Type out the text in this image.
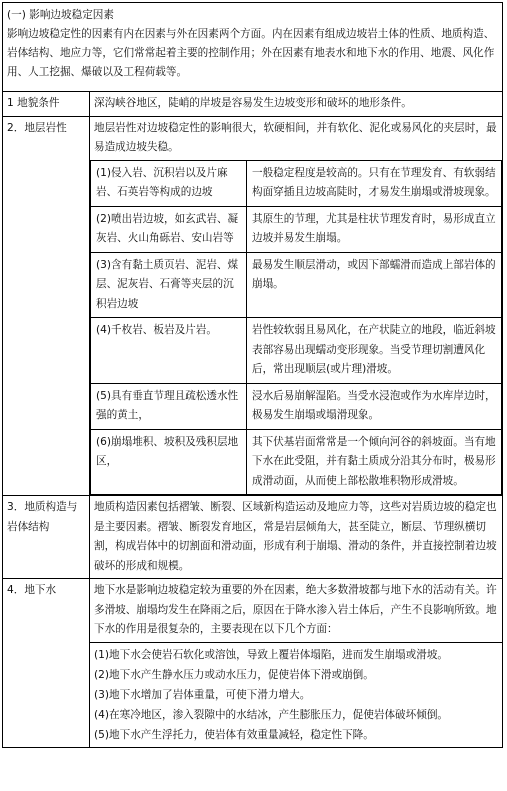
(一) 影响边坡稳定因素
影响边坡稳定性的因素有内在因素与外在因素两个方面。内在因素有组成边坡岩土体的性质、地质构造、岩体结构、地应力等，它们常常起着主要的控制作用；外在因素有地表水和地下水的作用、地震、风化作用、人工挖掘、爆破以及工程荷载等。
1 地貌条件	深沟峡谷地区，陡峭的岸坡是容易发生边坡变形和破坏的地形条件。
2．地层岩性	地层岩性对边坡稳定性的影响很大，软硬相间，并有软化、泥化或易风化的夹层时，最易造成边坡失稳。
(1)侵入岩、沉积岩以及片麻岩、石英岩等构成的边坡	一般稳定程度是较高的。只有在节理发育、有软弱结构面穿插且边坡高陡时，才易发生崩塌或滑坡现象。
(2)喷出岩边坡，如玄武岩、凝灰岩、火山角砾岩、安山岩等	其原生的节理，尤其是柱状节理发育时，易形成直立边坡并易发生崩塌。
(3)含有黏土质页岩、泥岩、煤层、泥灰岩、石膏等夹层的沉积岩边坡	最易发生顺层滑动，或因下部蠕滑而造成上部岩体的崩塌。
(4)千枚岩、板岩及片岩。	岩性较软弱且易风化，在产状陡立的地段，临近斜坡表部容易出现蠕动变形现象。当受节理切割遭风化后，常出现顺层(或片理)滑坡。
(5)具有垂直节理且疏松透水性强的黄土，	浸水后易崩解湿陷。当受水浸泡或作为水库岸边时，极易发生崩塌或塌滑现象。
(6)崩塌堆积、坡积及残积层地区，	其下伏基岩面常常是一个倾向河谷的斜坡面。当有地下水在此受阻，并有黏土质成分沿其分布时，极易形成滑动面，从而使上部松散堆积物形成滑坡。

3．地质构造与岩体结构	地质构造因素包括褶皱、断裂、区域新构造运动及地应力等，这些对岩质边坡的稳定也是主要因素。褶皱、断裂发育地区，常是岩层倾角大，甚至陡立，断层、节理纵横切割，构成岩体中的切割面和滑动面，形成有利于崩塌、滑动的条件，并直接控制着边坡破坏的形成和规模。
4．地下水	地下水是影响边坡稳定较为重要的外在因素，绝大多数滑坡都与地下水的活动有关。许多滑坡、崩塌均发生在降雨之后，原因在于降水渗入岩土体后，产生不良影响所致。地下水的作用是很复杂的，主要表现在以下几个方面：
(1)地下水会使岩石软化或溶蚀，导致上覆岩体塌陷，进而发生崩塌或滑坡。
(2)地下水产生静水压力或动水压力，促使岩体下滑或崩倒。
(3)地下水增加了岩体重量，可使下滑力增大。
(4)在寒冷地区，渗入裂隙中的水结冰，产生膨胀压力，促使岩体破坏倾倒。
(5)地下水产生浮托力，使岩体有效重量减轻，稳定性下降。
